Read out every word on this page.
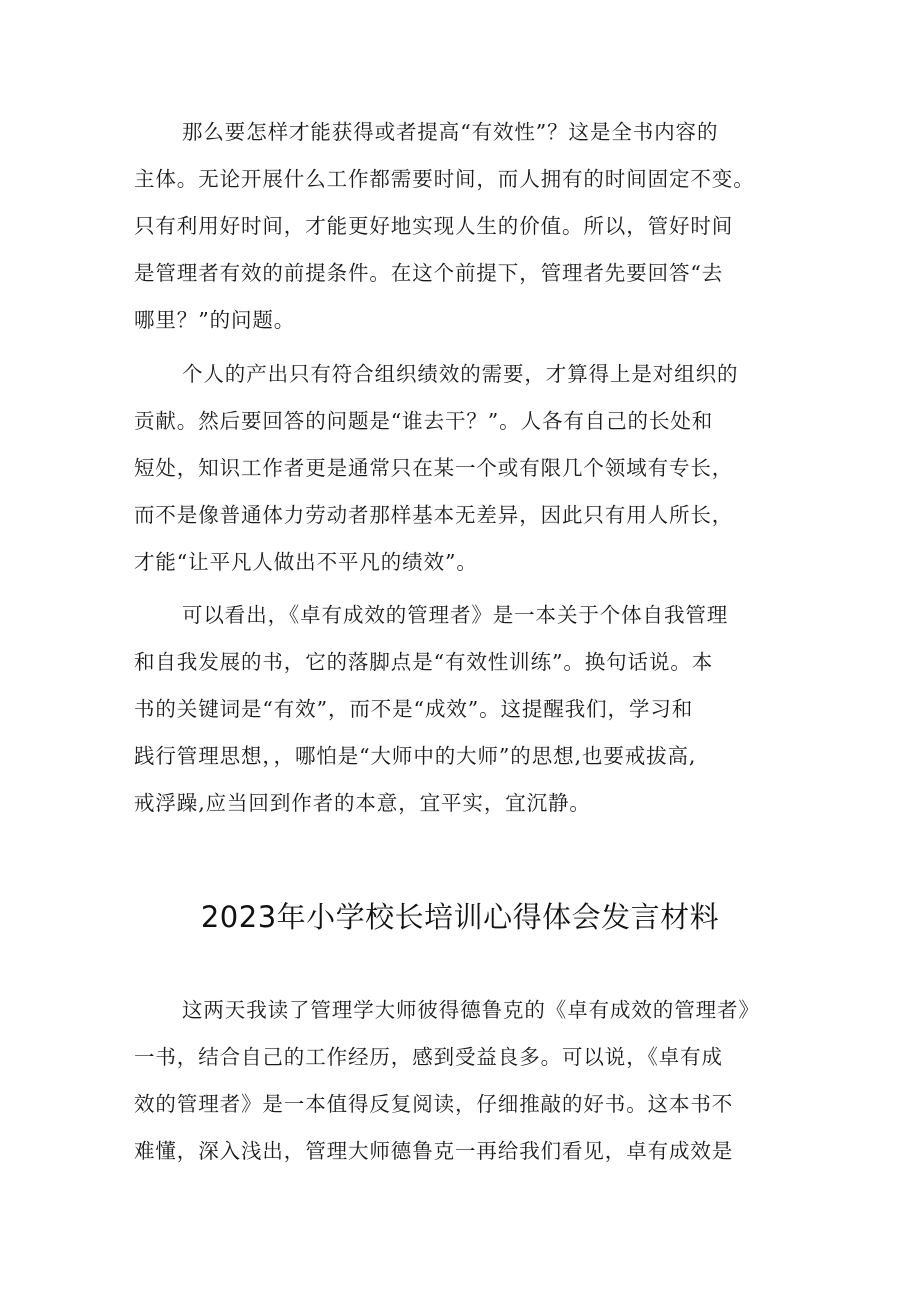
那么要怎样才能获得或者提高“有效性”？这是全书内容的
主体。无论开展什么工作都需要时间，而人拥有的时间固定不变。
只有利用好时间，才能更好地实现人生的价值。所以，管好时间
是管理者有效的前提条件。在这个前提下，管理者先要回答“去
哪里？”的问题。
个人的产出只有符合组织绩效的需要，才算得上是对组织的
贡献。然后要回答的问题是“谁去干？”。人各有自己的长处和
短处，知识工作者更是通常只在某一个或有限几个领域有专长，
而不是像普通体力劳动者那样基本无差异，因此只有用人所长，
才能“让平凡人做出不平凡的绩效”。
可以看出，《卓有成效的管理者》是一本关于个体自我管理
和自我发展的书，它的落脚点是“有效性训练”。换句话说。本
书的关键词是“有效”，而不是“成效”。这提醒我们，学习和
践行管理思想，，哪怕是“大师中的大师”的思想,也要戒拔高,
戒浮躁,应当回到作者的本意，宜平实，宜沉静。
2023年小学校长培训心得体会发言材料
这两天我读了管理学大师彼得德鲁克的《卓有成效的管理者》
一书，结合自己的工作经历，感到受益良多。可以说，《卓有成
效的管理者》是一本值得反复阅读，仔细推敲的好书。这本书不
难懂，深入浅出，管理大师德鲁克一再给我们看见，卓有成效是
